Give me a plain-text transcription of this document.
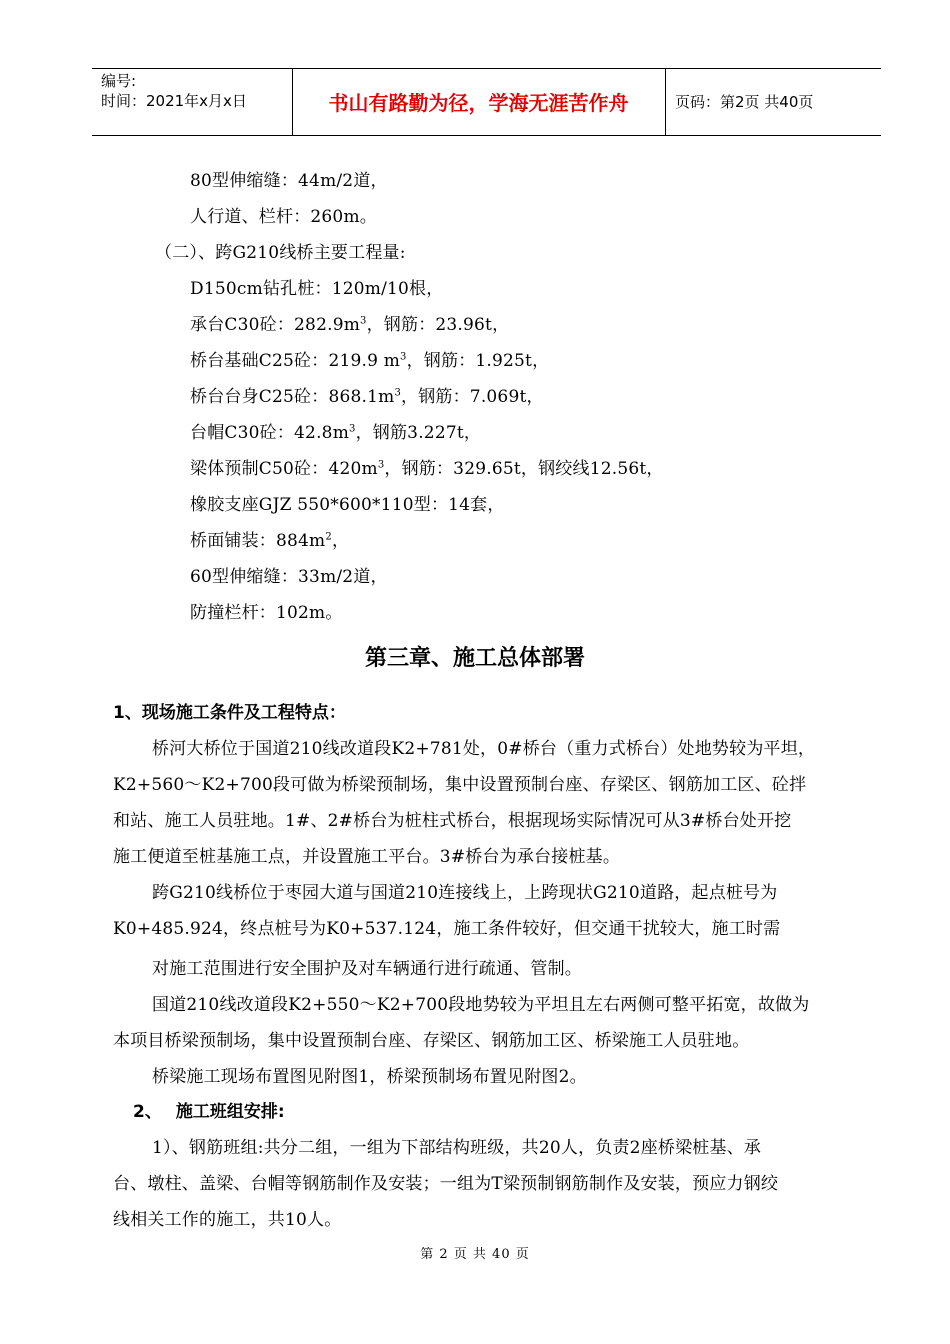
编号:
时间：2021年x月x日	书山有路勤为径，学海无涯苦作舟	页码：第2页 共40页
80型伸缩缝：44m/2道，
人行道、栏杆：260m。
（二）、跨G210线桥主要工程量:
D150cm钻孔桩：120m/10根，
承台C30砼：$282.9m^3$，钢筋：23.96t，
桥台基础C25砼：219.9 $m^3$，钢筋：1.925t，
桥台台身C25砼：$868.1m^3$，钢筋：7.069t，
台帽C30砼：$42.8m^3$，钢筋3.227t，
梁体预制C50砼：$420m^3$，钢筋：329.65t，钢绞线12.56t，
橡胶支座GJZ 550*600*110型：14套，
桥面铺装：$884m^2$，
60型伸缩缝：33m/2道，
防撞栏杆：102m。
第三章、施工总体部署
1、现场施工条件及工程特点：
桥河大桥位于国道210线改道段K2+781处，0#桥台（重力式桥台）处地势较为平坦，
K2+560～K2+700段可做为桥梁预制场，集中设置预制台座、存梁区、钢筋加工区、砼拌
和站、施工人员驻地。1#、2#桥台为桩柱式桥台，根据现场实际情况可从3#桥台处开挖
施工便道至桩基施工点，并设置施工平台。3#桥台为承台接桩基。
跨G210线桥位于枣园大道与国道210连接线上，上跨现状G210道路，起点桩号为
K0+485.924，终点桩号为K0+537.124，施工条件较好，但交通干扰较大，施工时需
对施工范围进行安全围护及对车辆通行进行疏通、管制。
国道210线改道段K2+550～K2+700段地势较为平坦且左右两侧可整平拓宽，故做为
本项目桥梁预制场，集中设置预制台座、存梁区、钢筋加工区、桥梁施工人员驻地。
桥梁施工现场布置图见附图1，桥梁预制场布置见附图2。
2、 施工班组安排:
1）、钢筋班组:共分二组，一组为下部结构班级，共20人，负责2座桥梁桩基、承
台、墩柱、盖梁、台帽等钢筋制作及安装；一组为T梁预制钢筋制作及安装，预应力钢绞
线相关工作的施工，共10人。
第 2 页 共 40 页
